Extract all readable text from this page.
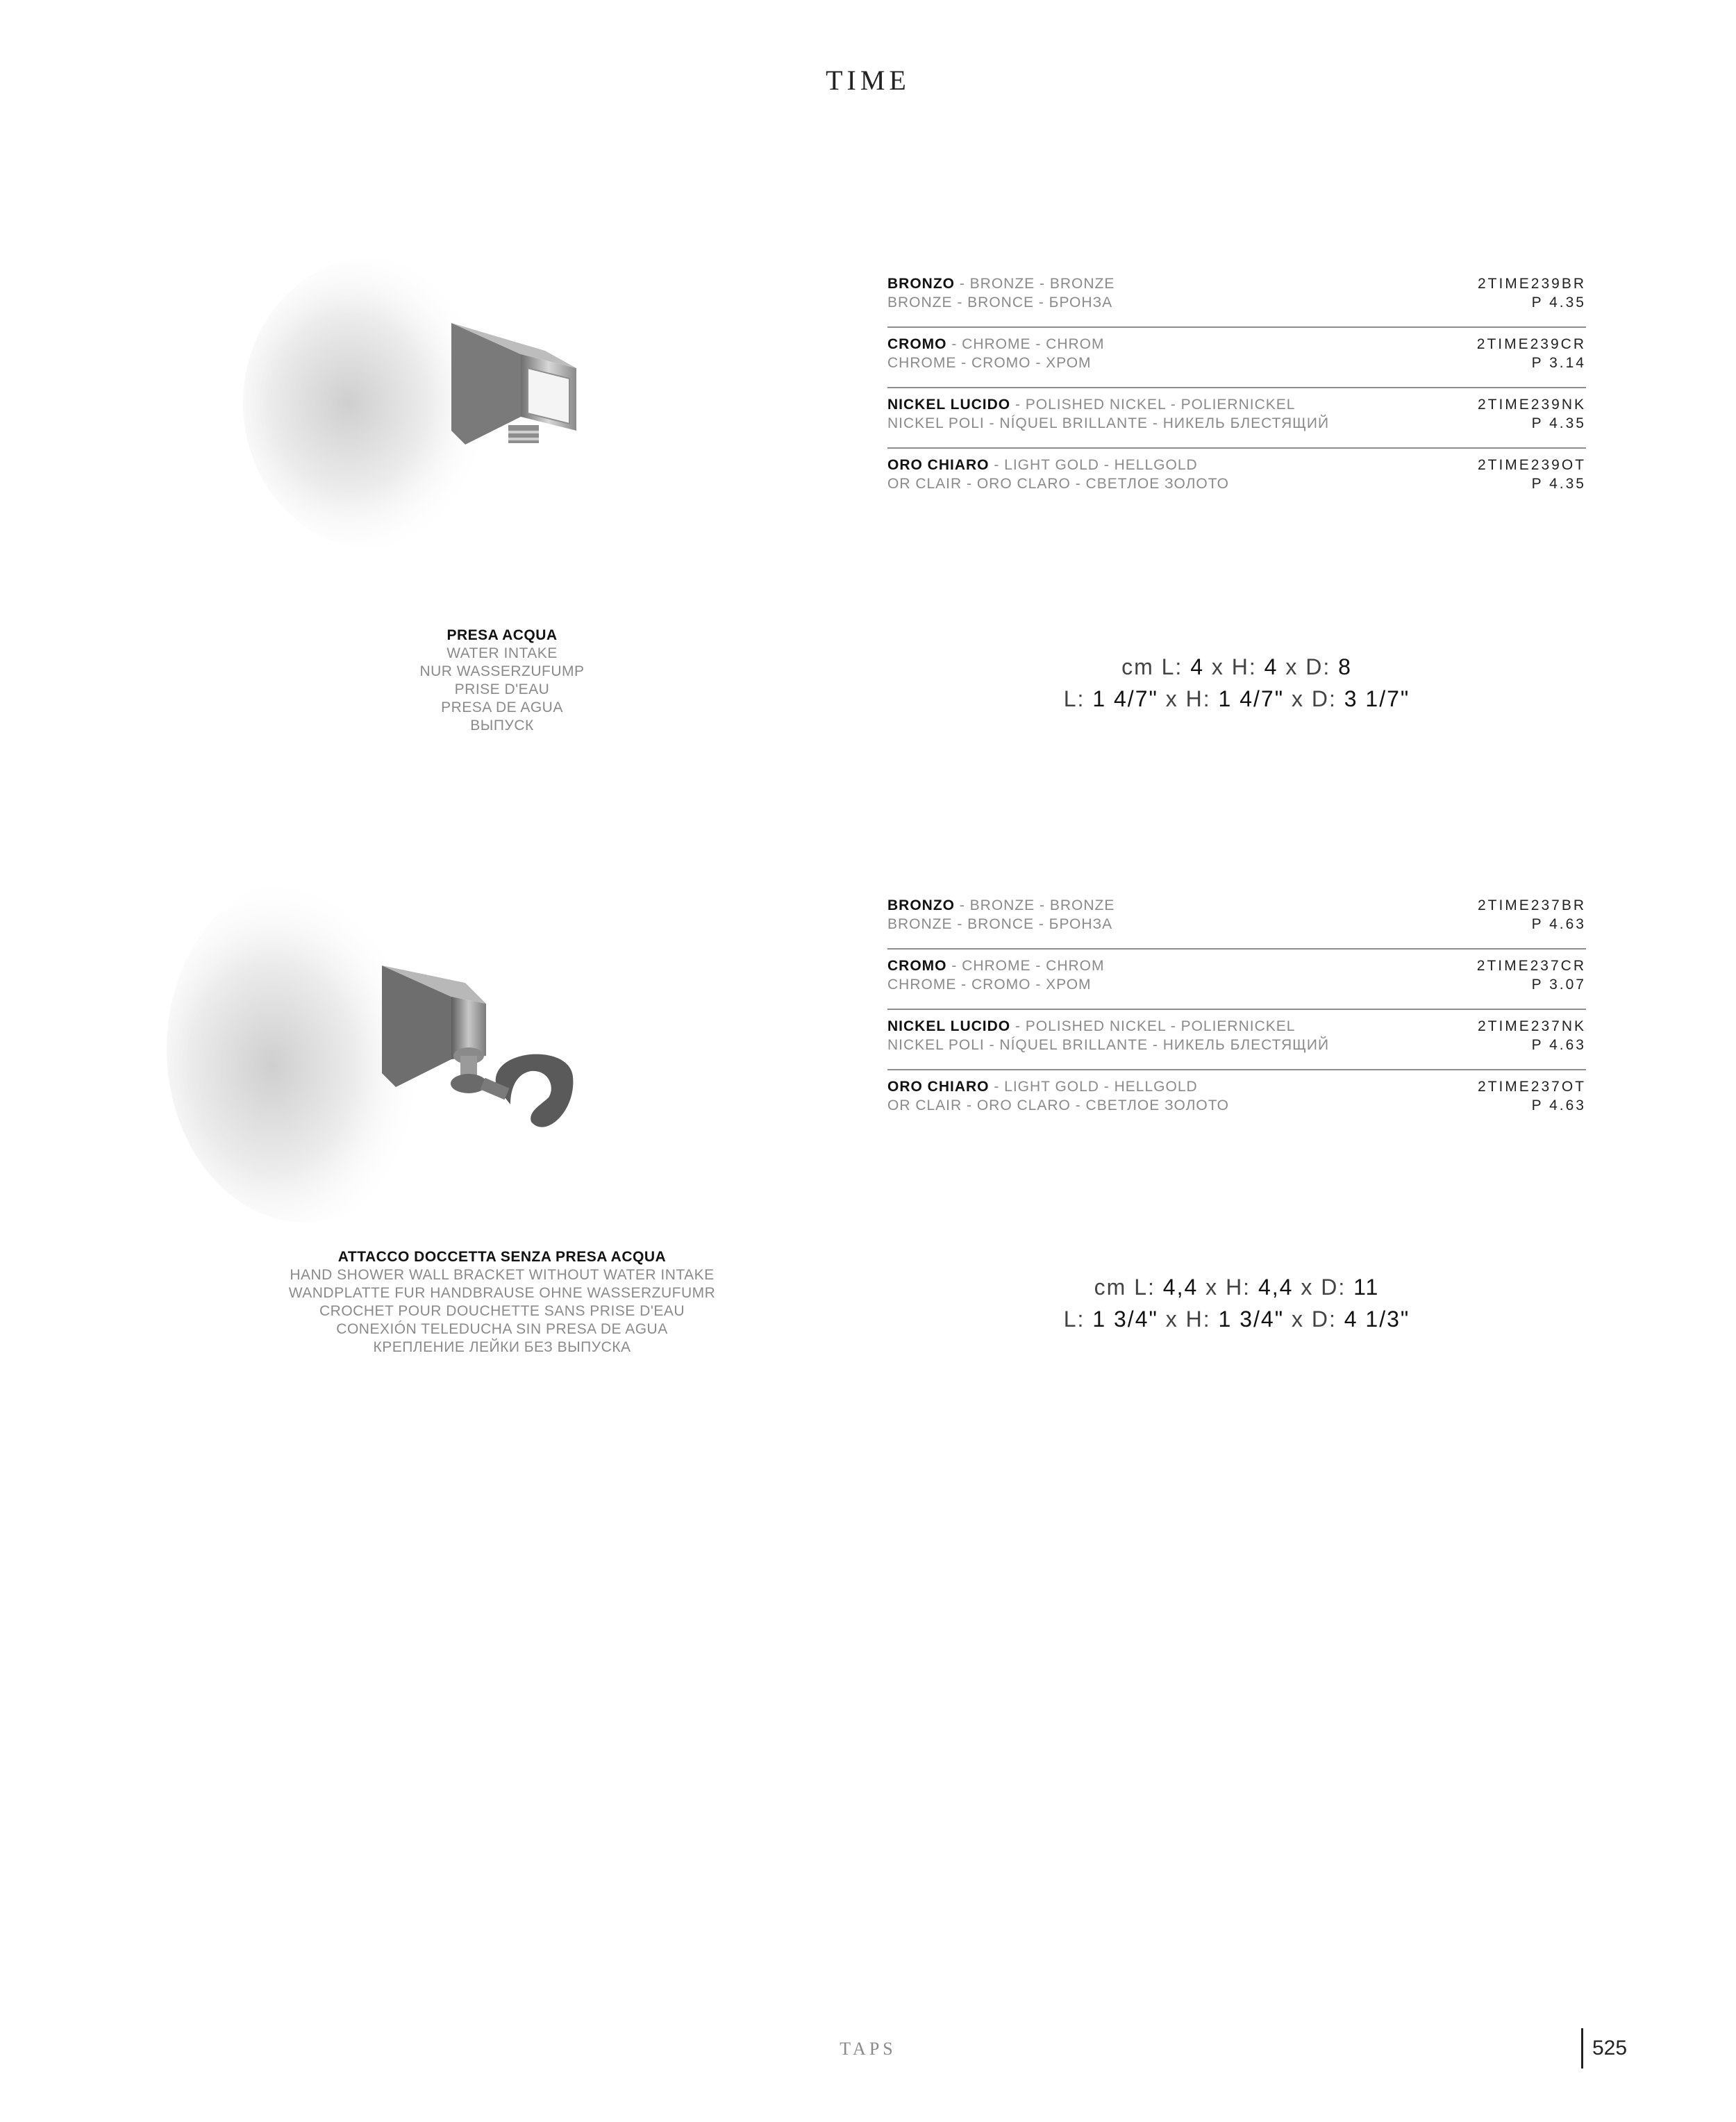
TIME
BRONZO - BRONZE - BRONZE
BRONZE - BRONCE - БРОНЗА
2TIME239BR
P 4.35
CROMO - CHROME - CHROM
CHROME - CROMO - ХРОМ
2TIME239CR
P 3.14
NICKEL LUCIDO - POLISHED NICKEL - POLIERNICKEL
NICKEL POLI - NÍQUEL BRILLANTE - НИКЕЛЬ БЛЕСТЯЩИЙ
2TIME239NK
P 4.35
ORO CHIARO - LIGHT GOLD - HELLGOLD
OR CLAIR - ORO CLARO - СВЕТЛОЕ ЗОЛОТО
2TIME239OT
P 4.35
PRESA ACQUA
WATER INTAKE
NUR WASSERZUFUMP
PRISE D'EAU
PRESA DE AGUA
ВЫПУСК
cm L: 4 x H: 4 x D: 8
L: 1 4/7" x H: 1 4/7" x D: 3 1/7"
BRONZO - BRONZE - BRONZE
BRONZE - BRONCE - БРОНЗА
2TIME237BR
P 4.63
CROMO - CHROME - CHROM
CHROME - CROMO - ХРОМ
2TIME237CR
P 3.07
NICKEL LUCIDO - POLISHED NICKEL - POLIERNICKEL
NICKEL POLI - NÍQUEL BRILLANTE - НИКЕЛЬ БЛЕСТЯЩИЙ
2TIME237NK
P 4.63
ORO CHIARO - LIGHT GOLD - HELLGOLD
OR CLAIR - ORO CLARO - СВЕТЛОЕ ЗОЛОТО
2TIME237OT
P 4.63
ATTACCO DOCCETTA SENZA PRESA ACQUA
HAND SHOWER WALL BRACKET WITHOUT WATER INTAKE
WANDPLATTE FUR HANDBRAUSE OHNE WASSERZUFUMR
CROCHET POUR DOUCHETTE SANS PRISE D'EAU
CONEXIÓN TELEDUCHA SIN PRESA DE AGUA
КРЕПЛЕНИЕ ЛЕЙКИ БЕЗ ВЫПУСКА
cm L: 4,4 x H: 4,4 x D: 11
L: 1 3/4" x H: 1 3/4" x D: 4 1/3"
TAPS	525
